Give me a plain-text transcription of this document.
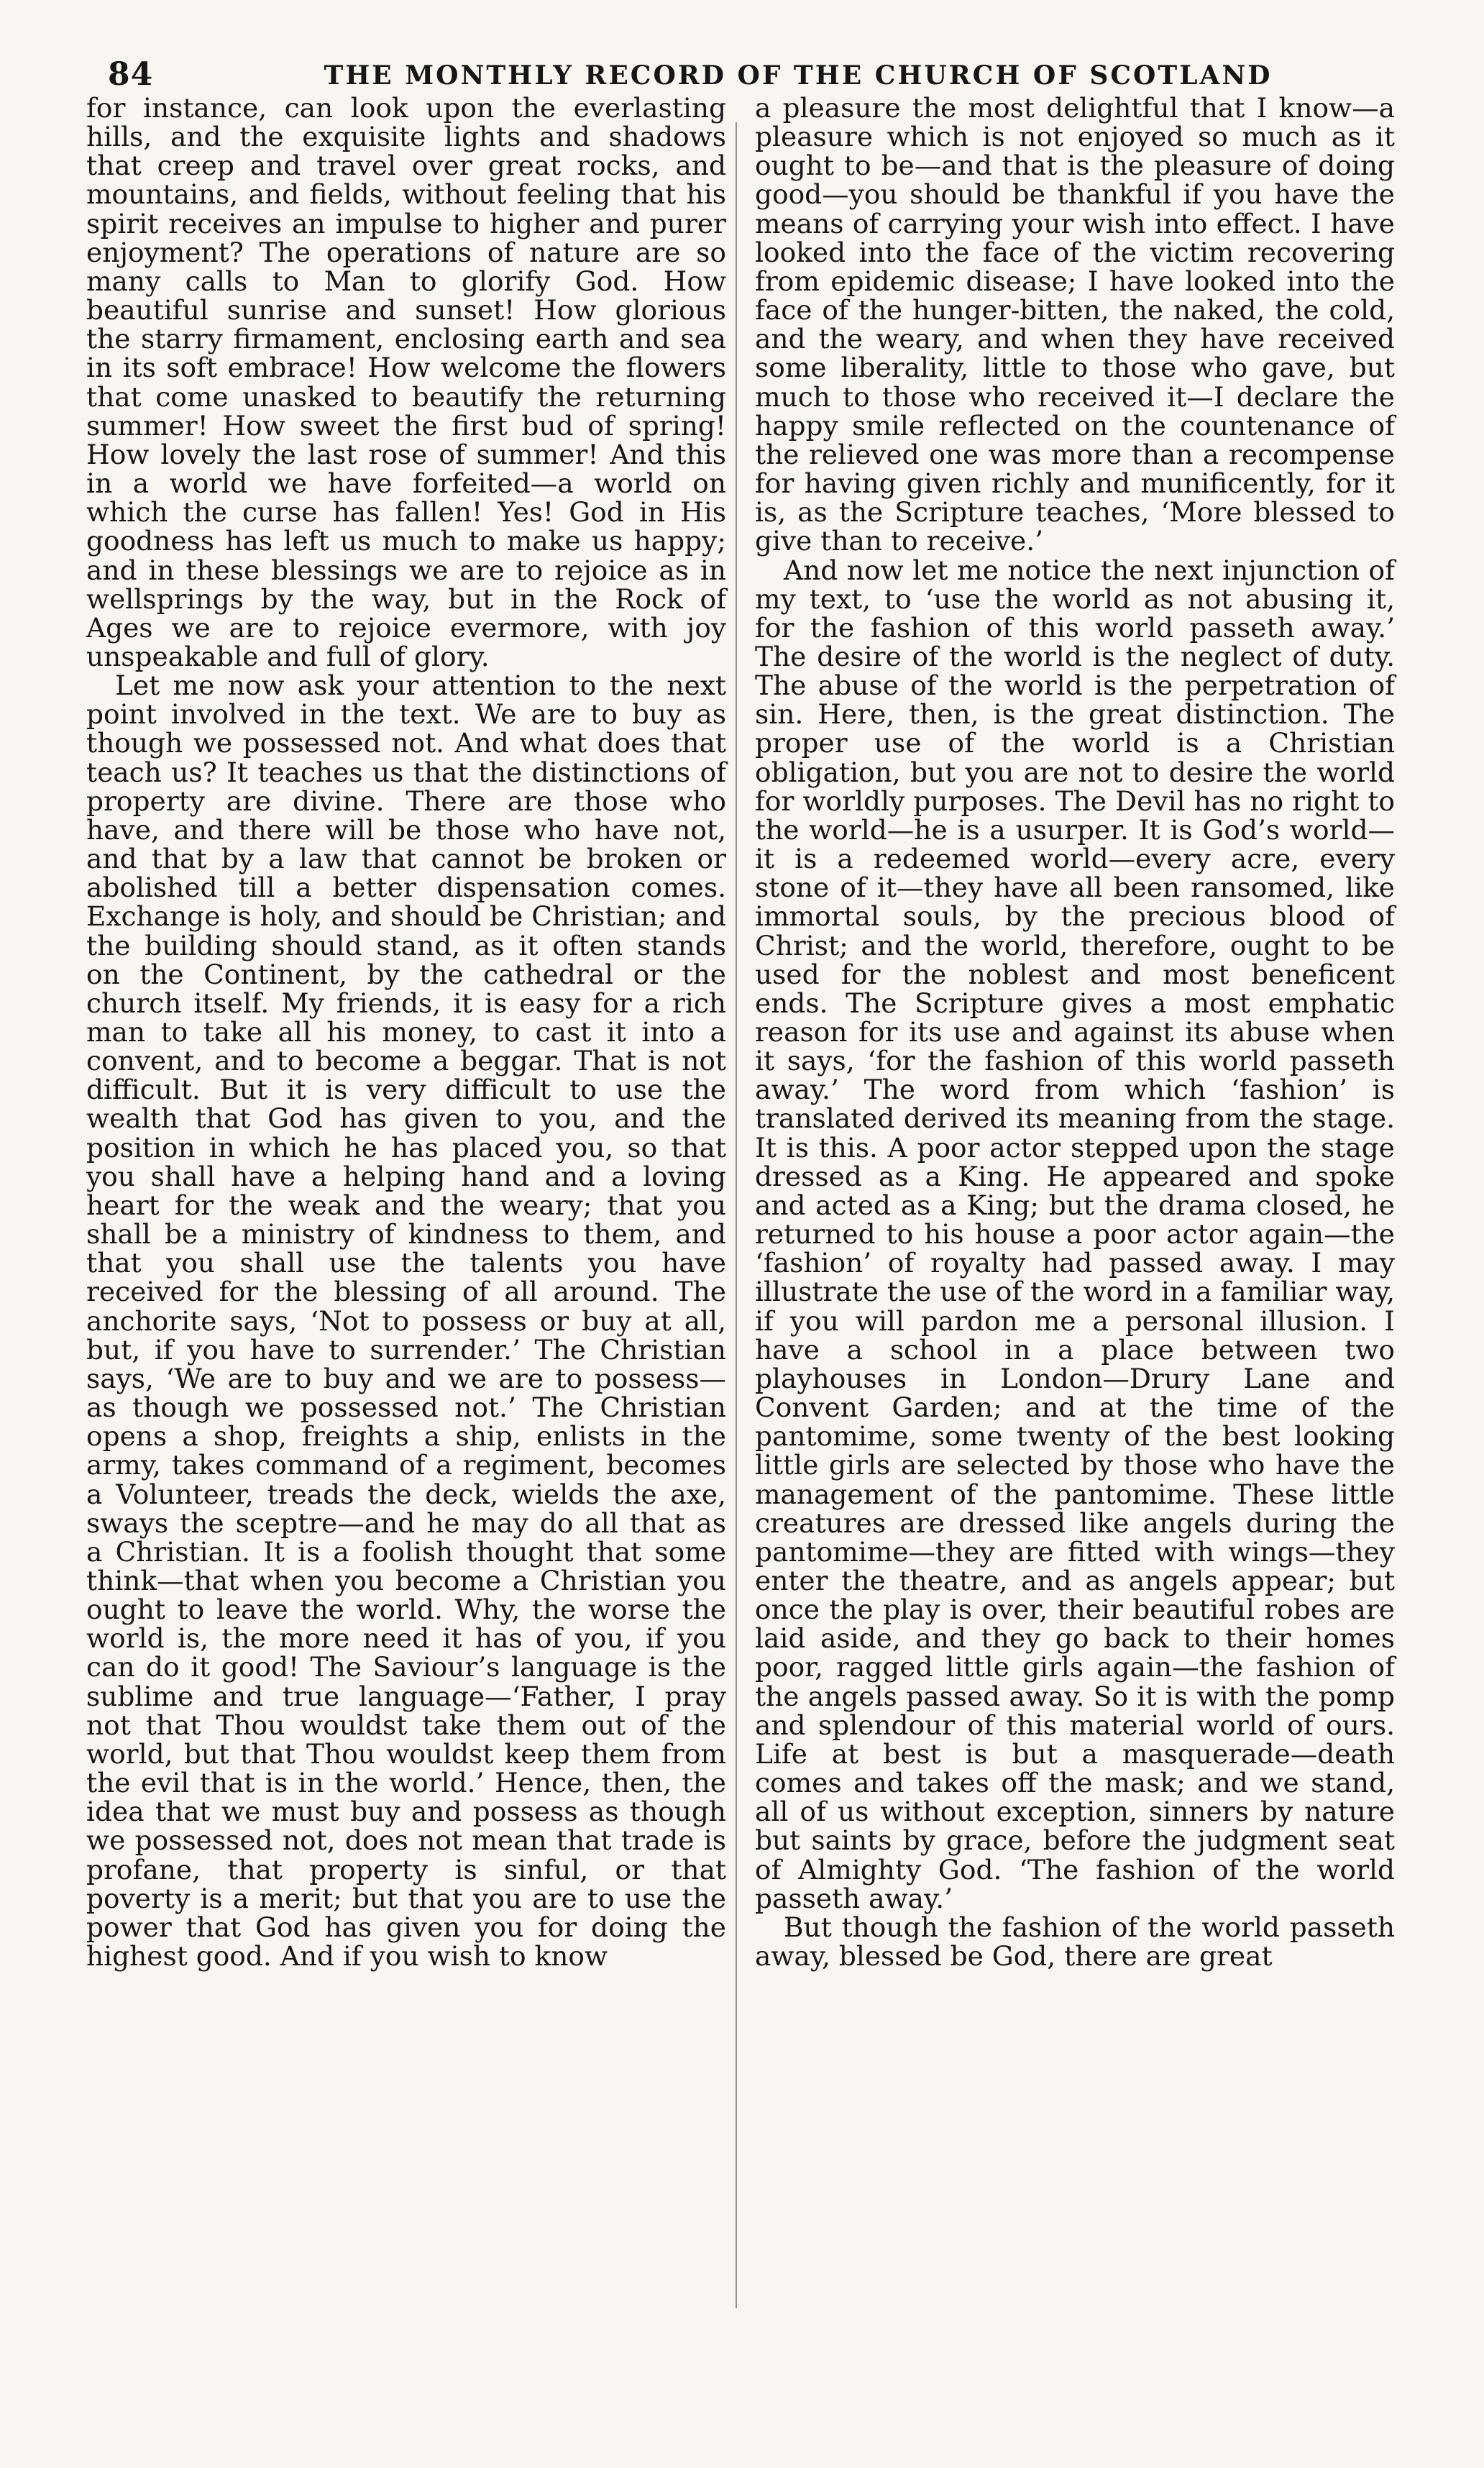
84	THE MONTHLY RECORD OF THE CHURCH OF SCOTLAND

for instance, can look upon the everlasting hills, and the exquisite lights and shadows that creep and travel over great rocks, and mountains, and fields, without feeling that his spirit receives an impulse to higher and purer enjoyment? The operations of nature are so many calls to Man to glorify God. How beautiful sunrise and sunset! How glorious the starry firmament, enclosing earth and sea in its soft embrace! How welcome the flowers that come unasked to beautify the returning summer! How sweet the first bud of spring! How lovely the last rose of summer! And this in a world we have forfeited—a world on which the curse has fallen! Yes! God in His goodness has left us much to make us happy; and in these blessings we are to rejoice as in wellsprings by the way, but in the Rock of Ages we are to rejoice evermore, with joy unspeakable and full of glory.

Let me now ask your attention to the next point involved in the text. We are to buy as though we possessed not. And what does that teach us? It teaches us that the distinctions of property are divine. There are those who have, and there will be those who have not, and that by a law that cannot be broken or abolished till a better dispensation comes. Exchange is holy, and should be Christian; and the building should stand, as it often stands on the Continent, by the cathedral or the church itself. My friends, it is easy for a rich man to take all his money, to cast it into a convent, and to become a beggar. That is not difficult. But it is very difficult to use the wealth that God has given to you, and the position in which he has placed you, so that you shall have a helping hand and a loving heart for the weak and the weary; that you shall be a ministry of kindness to them, and that you shall use the talents you have received for the blessing of all around. The anchorite says, ‘Not to possess or buy at all, but, if you have to surrender.’ The Christian says, ‘We are to buy and we are to possess—as though we possessed not.’ The Christian opens a shop, freights a ship, enlists in the army, takes command of a regiment, becomes a Volunteer, treads the deck, wields the axe, sways the sceptre—and he may do all that as a Christian. It is a foolish thought that some think—that when you become a Christian you ought to leave the world. Why, the worse the world is, the more need it has of you, if you can do it good! The Saviour’s language is the sublime and true language—‘Father, I pray not that Thou wouldst take them out of the world, but that Thou wouldst keep them from the evil that is in the world.’ Hence, then, the idea that we must buy and possess as though we possessed not, does not mean that trade is profane, that property is sinful, or that poverty is a merit; but that you are to use the power that God has given you for doing the highest good. And if you wish to know

a pleasure the most delightful that I know—a pleasure which is not enjoyed so much as it ought to be—and that is the pleasure of doing good—you should be thankful if you have the means of carrying your wish into effect. I have looked into the face of the victim recovering from epidemic disease; I have looked into the face of the hunger-bitten, the naked, the cold, and the weary, and when they have received some liberality, little to those who gave, but much to those who received it—I declare the happy smile reflected on the countenance of the relieved one was more than a recompense for having given richly and munificently, for it is, as the Scripture teaches, ‘More blessed to give than to receive.’

And now let me notice the next injunction of my text, to ‘use the world as not abusing it, for the fashion of this world passeth away.’ The desire of the world is the neglect of duty. The abuse of the world is the perpetration of sin. Here, then, is the great distinction. The proper use of the world is a Christian obligation, but you are not to desire the world for worldly purposes. The Devil has no right to the world—he is a usurper. It is God’s world—it is a redeemed world—every acre, every stone of it—they have all been ransomed, like immortal souls, by the precious blood of Christ; and the world, therefore, ought to be used for the noblest and most beneficent ends. The Scripture gives a most emphatic reason for its use and against its abuse when it says, ‘for the fashion of this world passeth away.’ The word from which ‘fashion’ is translated derived its meaning from the stage. It is this. A poor actor stepped upon the stage dressed as a King. He appeared and spoke and acted as a King; but the drama closed, he returned to his house a poor actor again—the ‘fashion’ of royalty had passed away. I may illustrate the use of the word in a familiar way, if you will pardon me a personal illusion. I have a school in a place between two playhouses in London—Drury Lane and Convent Garden; and at the time of the pantomime, some twenty of the best looking little girls are selected by those who have the management of the pantomime. These little creatures are dressed like angels during the pantomime—they are fitted with wings—they enter the theatre, and as angels appear; but once the play is over, their beautiful robes are laid aside, and they go back to their homes poor, ragged little girls again—the fashion of the angels passed away. So it is with the pomp and splendour of this material world of ours. Life at best is but a masquerade—death comes and takes off the mask; and we stand, all of us without exception, sinners by nature but saints by grace, before the judgment seat of Almighty God. ‘The fashion of the world passeth away.’

But though the fashion of the world passeth away, blessed be God, there are great
